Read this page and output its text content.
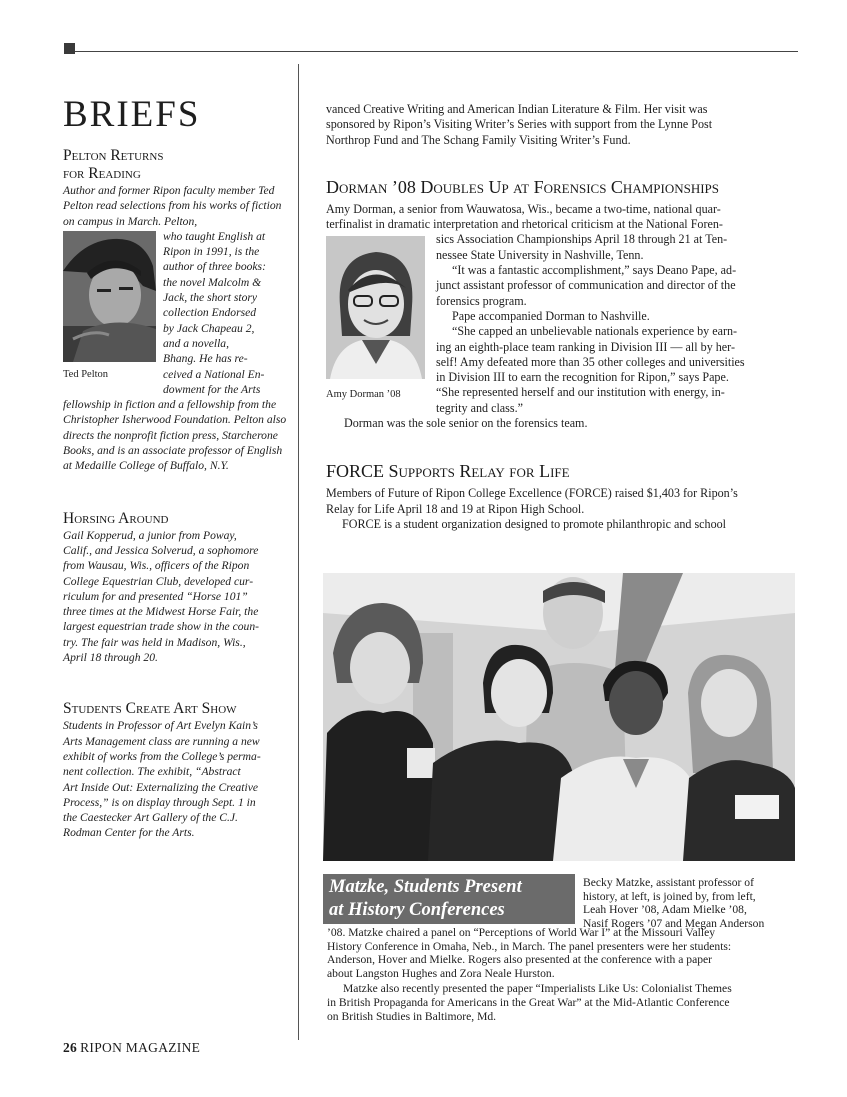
BRIEFS
Pelton Returns
for Reading

Author and former Ripon faculty member Ted Pelton read selections from his works of fiction on campus in March. Pelton,

Ted Pelton

who taught English at
Ripon in 1991, is the
author of three books:
the novel Malcolm &
Jack, the short story
collection Endorsed
by Jack Chapeau 2,
and a novella,
Bhang. He has re-
ceived a National En-
dowment for the Arts

fellowship in fiction and a fellowship from the Christopher Isherwood Foundation. Pelton also directs the nonprofit fiction press, Starcherone Books, and is an associate professor of English at Medaille College of Buffalo, N.Y.

Horsing Around

Gail Kopperud, a junior from Poway,
Calif., and Jessica Solverud, a sophomore
from Wausau, Wis., officers of the Ripon
College Equestrian Club, developed cur-
riculum for and presented “Horse 101”
three times at the Midwest Horse Fair, the
largest equestrian trade show in the coun-
try. The fair was held in Madison, Wis.,
April 18 through 20.

Students Create Art Show

Students in Professor of Art Evelyn Kain’s
Arts Management class are running a new
exhibit of works from the College’s perma-
nent collection. The exhibit, “Abstract
Art Inside Out: Externalizing the Creative
Process,” is on display through Sept. 1 in
the Caestecker Art Gallery of the C.J.
Rodman Center for the Arts.

vanced Creative Writing and American Indian Literature & Film. Her visit was
sponsored by Ripon’s Visiting Writer’s Series with support from the Lynne Post
Northrop Fund and The Schang Family Visiting Writer’s Fund.

Dorman ’08 Doubles Up at Forensics Championships

Amy Dorman, a senior from Wauwatosa, Wis., became a two-time, national quar-
terfinalist in dramatic interpretation and rhetorical criticism at the National Foren-

Amy Dorman ’08

sics Association Championships April 18 through 21 at Ten-
nessee State University in Nashville, Tenn.
“It was a fantastic accomplishment,” says Deano Pape, ad-
junct assistant professor of communication and director of the
forensics program.
Pape accompanied Dorman to Nashville.
“She capped an unbelievable nationals experience by earn-
ing an eighth-place team ranking in Division III — all by her-
self! Amy defeated more than 35 other colleges and universities
in Division III to earn the recognition for Ripon,” says Pape.
“She represented herself and our institution with energy, in-
tegrity and class.”

Dorman was the sole senior on the forensics team.

FORCE Supports Relay for Life

Members of Future of Ripon College Excellence (FORCE) raised $1,403 for Ripon’s
Relay for Life April 18 and 19 at Ripon High School.
FORCE is a student organization designed to promote philanthropic and school

Matzke, Students Present
at History Conferences

Becky Matzke, assistant professor of
history, at left, is joined by, from left,
Leah Hover ’08, Adam Mielke ’08,
Nasif Rogers ’07 and Megan Anderson

’08. Matzke chaired a panel on “Perceptions of World War I” at the Missouri Valley
History Conference in Omaha, Neb., in March. The panel presenters were her students:
Anderson, Hover and Mielke. Rogers also presented at the conference with a paper
about Langston Hughes and Zora Neale Hurston.

Matzke also recently presented the paper “Imperialists Like Us: Colonialist Themes
in British Propaganda for Americans in the Great War” at the Mid-Atlantic Conference
on British Studies in Baltimore, Md.

26 RIPON MAGAZINE
